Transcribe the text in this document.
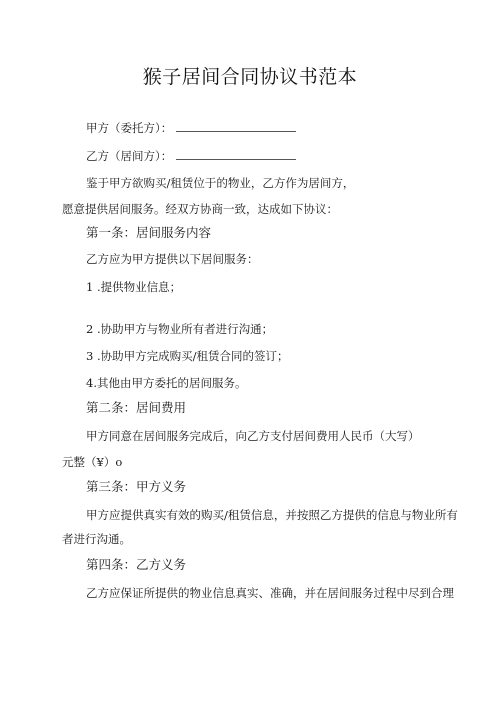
猴子居间合同协议书范本
甲方（委托方）：
乙方（居间方）：
鉴于甲方欲购买/租赁位于的物业，乙方作为居间方，
愿意提供居间服务。经双方协商一致，达成如下协议：
第一条：居间服务内容
乙方应为甲方提供以下居间服务：
1 .提供物业信息；
2 .协助甲方与物业所有者进行沟通；
3 .协助甲方完成购买/租赁合同的签订；
4.其他由甲方委托的居间服务。
第二条：居间费用
甲方同意在居间服务完成后，向乙方支付居间费用人民币（大写）
元整（¥）o
第三条：甲方义务
甲方应提供真实有效的购买/租赁信息，并按照乙方提供的信息与物业所有
者进行沟通。
第四条：乙方义务
乙方应保证所提供的物业信息真实、准确，并在居间服务过程中尽到合理
